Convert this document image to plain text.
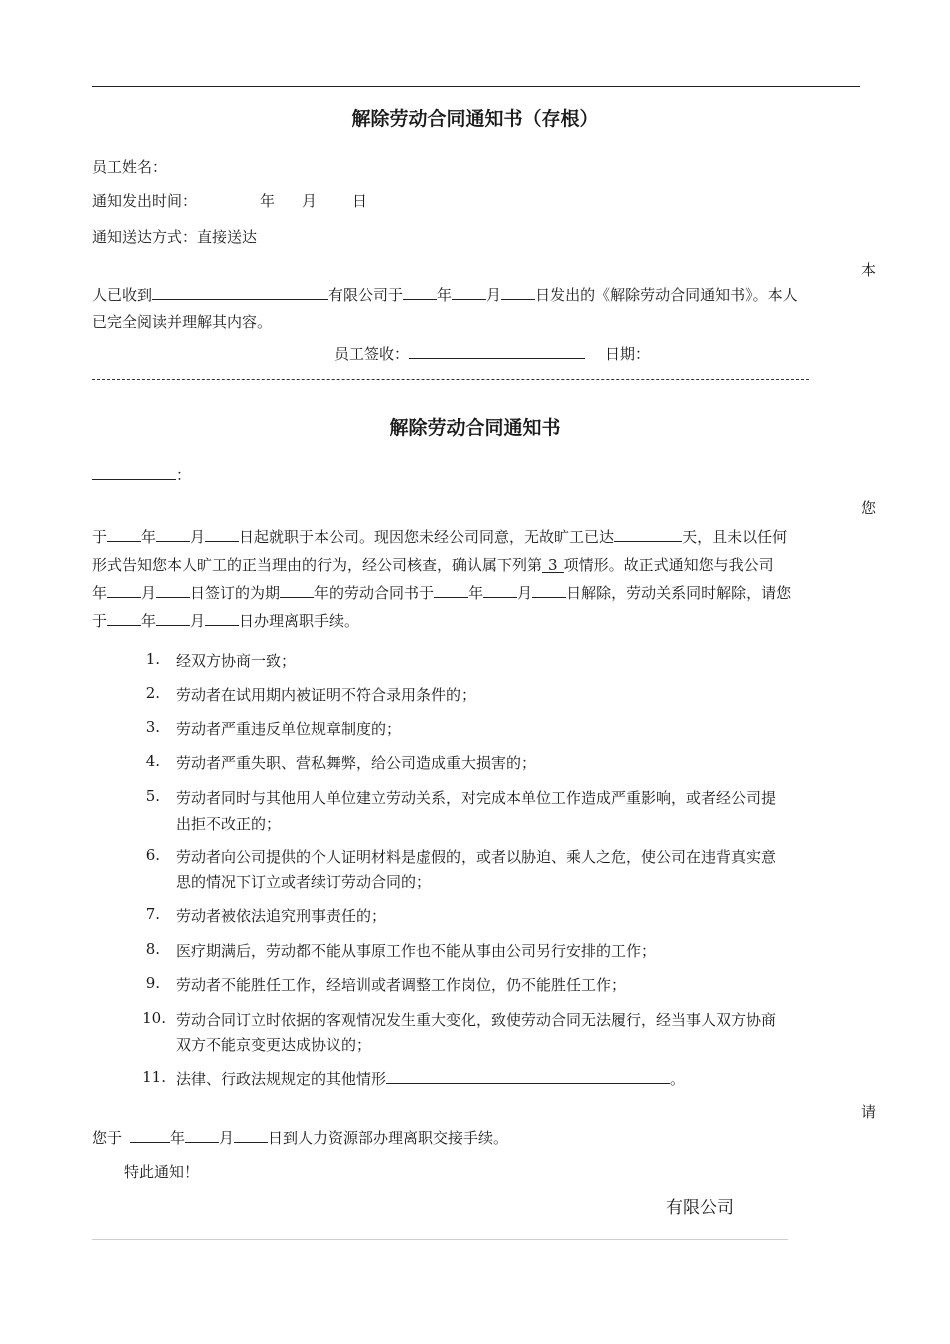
解除劳动合同通知书（存根）
员工姓名：
通知发出时间：	年 月 日
通知送达方式：直接送达
本
人已收到	有限公司于 年 月 日发出的《解除劳动合同通知书》。本人
已完全阅读并理解其内容。
员工签收：	日期：
解除劳动合同通知书
：
您
于 年 月 日起就职于本公司。现因您未经公司同意，无故旷工已达	天，且未以任何
形式告知您本人旷工的正当理由的行为，经公司核查，确认属下列第 3 项情形。故正式通知您与我公司
年 月 日签订的为期 年的劳动合同书于 年 月 日解除，劳动关系同时解除，请您
于 年 月 日办理离职手续。
1. 经双方协商一致；
2. 劳动者在试用期内被证明不符合录用条件的；
3. 劳动者严重违反单位规章制度的；
4. 劳动者严重失职、营私舞弊，给公司造成重大损害的；
5. 劳动者同时与其他用人单位建立劳动关系，对完成本单位工作造成严重影响，或者经公司提
出拒不改正的；
6. 劳动者向公司提供的个人证明材料是虚假的，或者以胁迫、乘人之危，使公司在违背真实意
思的情况下订立或者续订劳动合同的；
7. 劳动者被依法追究刑事责任的；
8. 医疗期满后，劳动都不能从事原工作也不能从事由公司另行安排的工作；
9. 劳动者不能胜任工作，经培训或者调整工作岗位，仍不能胜任工作；
10. 劳动合同订立时依据的客观情况发生重大变化，致使劳动合同无法履行，经当事人双方协商
双方不能京变更达成协议的；
11. 法律、行政法规规定的其他情形	。
请
您于	年 月 日到人力资源部办理离职交接手续。
特此通知！
有限公司
